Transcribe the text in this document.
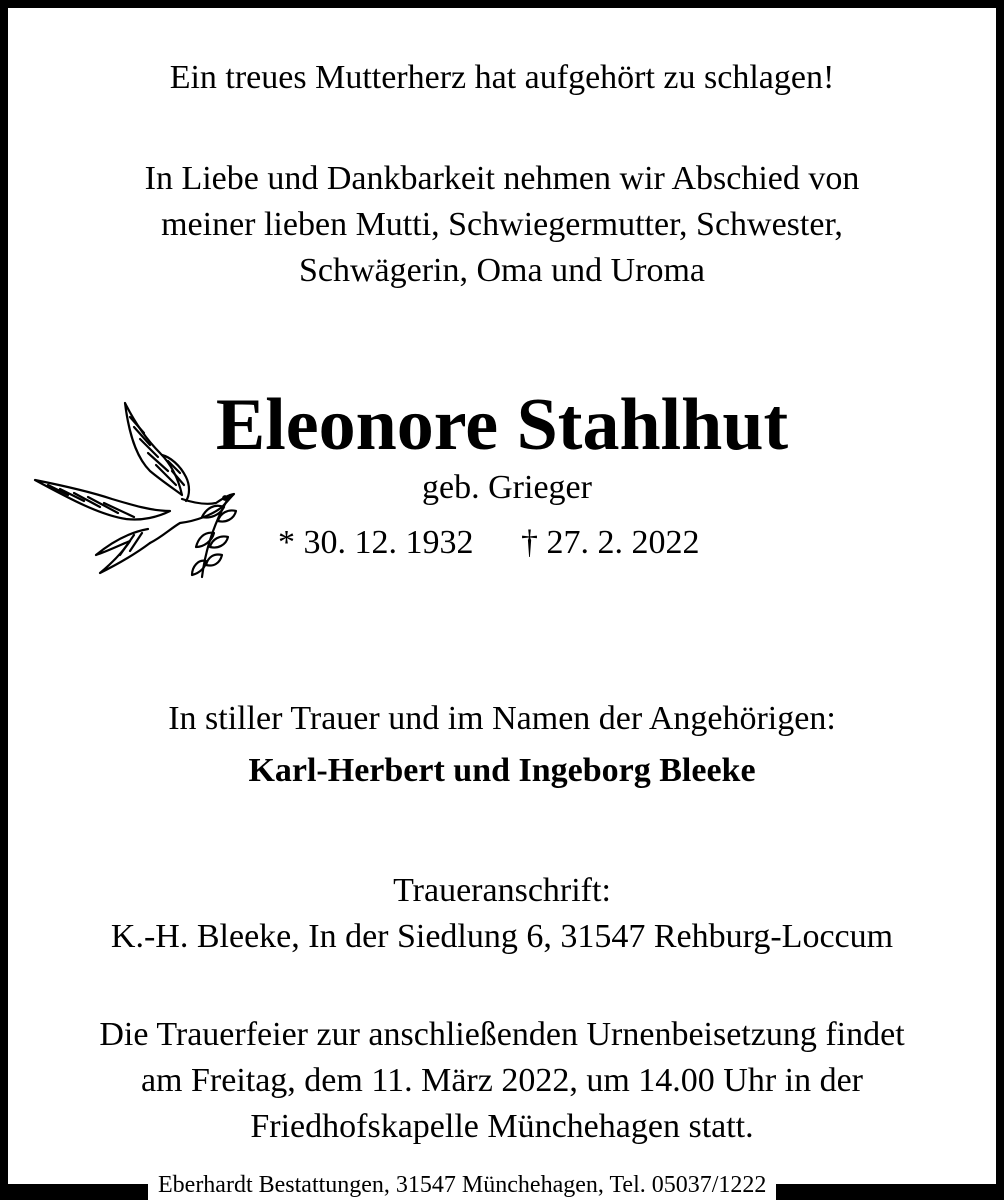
Ein treues Mutterherz hat aufgehört zu schlagen!
In Liebe und Dankbarkeit nehmen wir Abschied von
meiner lieben Mutti, Schwiegermutter, Schwester,
Schwägerin, Oma und Uroma
Eleonore Stahlhut
geb. Grieger
* 30. 12. 1932 † 27. 2. 2022
In stiller Trauer und im Namen der Angehörigen:
Karl-Herbert und Ingeborg Bleeke
Traueranschrift:
K.-H. Bleeke, In der Siedlung 6, 31547 Rehburg-Loccum
Die Trauerfeier zur anschließenden Urnenbeisetzung findet
am Freitag, dem 11. März 2022, um 14.00 Uhr in der
Friedhofskapelle Münchehagen statt.
Eberhardt Bestattungen, 31547 Münchehagen, Tel. 05037/1222
